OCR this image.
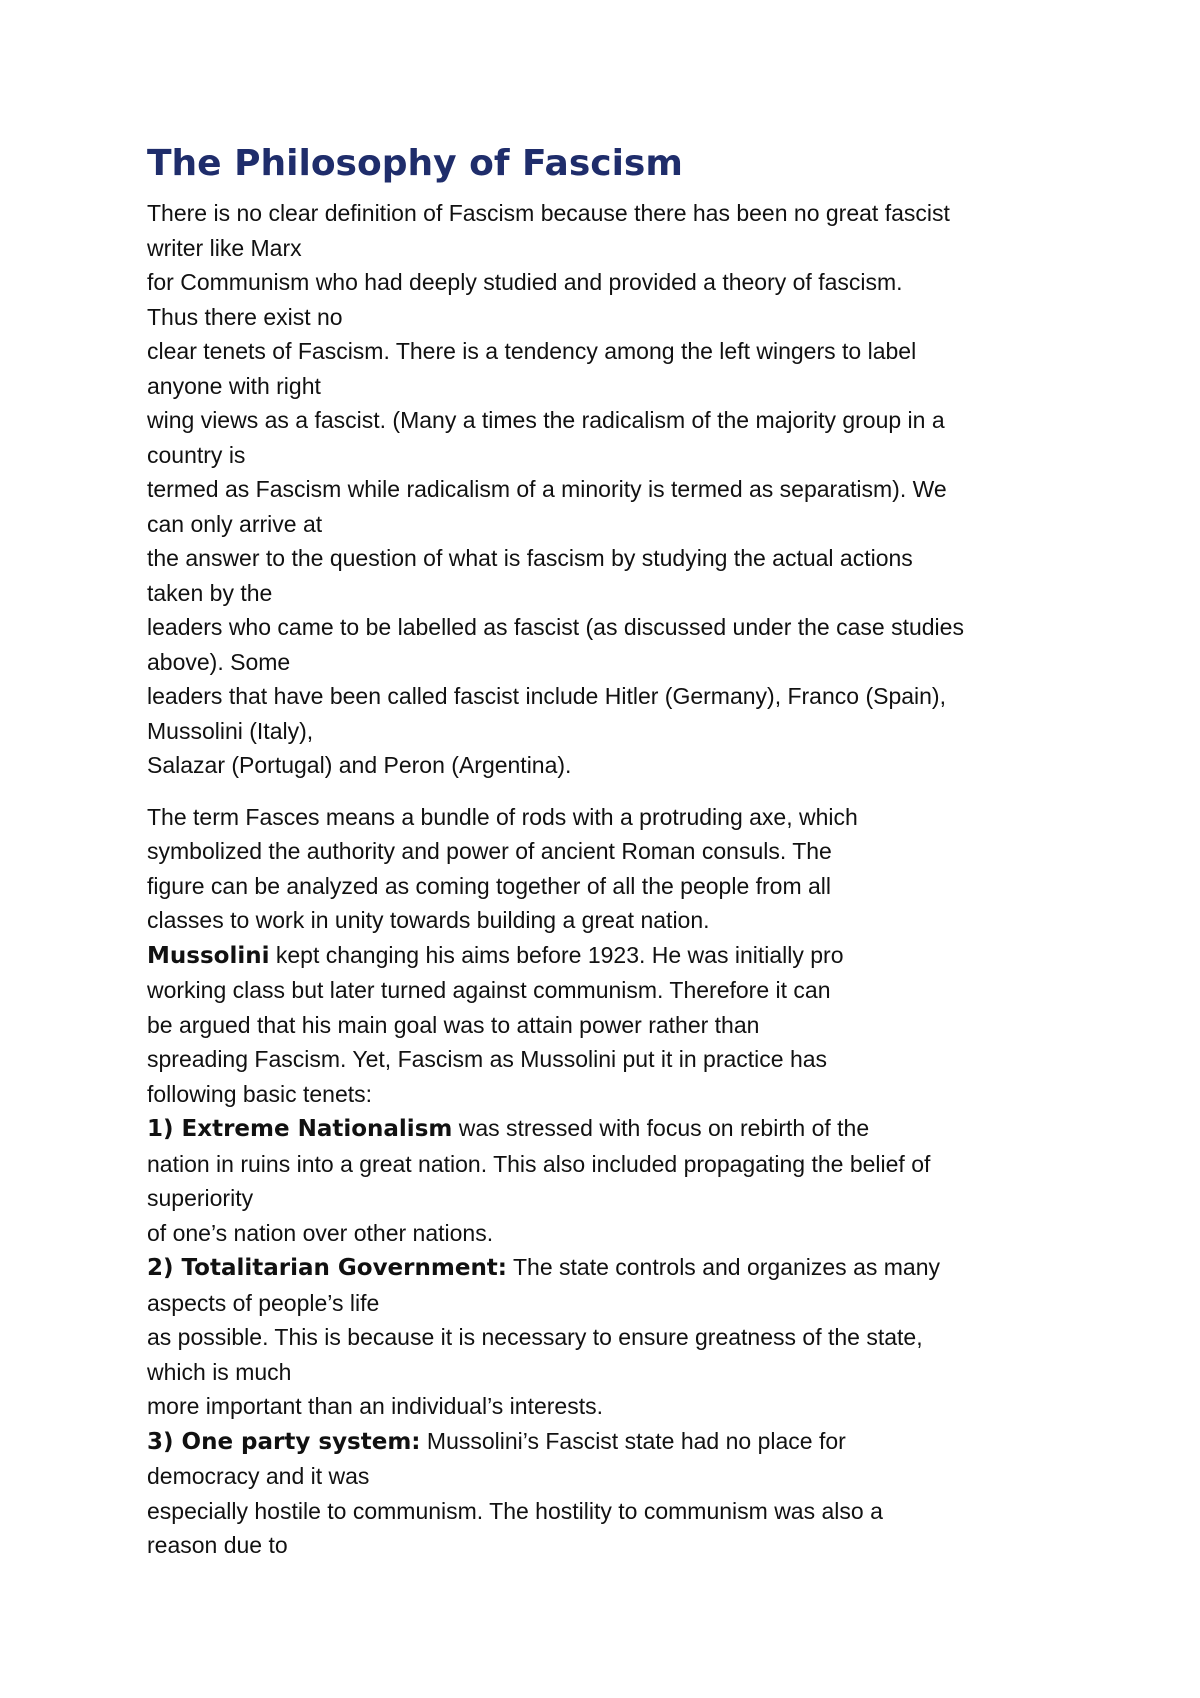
The Philosophy of Fascism
There is no clear definition of Fascism because there has been no great fascist
writer like Marx
for Communism who had deeply studied and provided a theory of fascism.
Thus there exist no
clear tenets of Fascism. There is a tendency among the left wingers to label
anyone with right
wing views as a fascist. (Many a times the radicalism of the majority group in a
country is
termed as Fascism while radicalism of a minority is termed as separatism). We
can only arrive at
the answer to the question of what is fascism by studying the actual actions
taken by the
leaders who came to be labelled as fascist (as discussed under the case studies
above). Some
leaders that have been called fascist include Hitler (Germany), Franco (Spain),
Mussolini (Italy),
Salazar (Portugal) and Peron (Argentina).
The term Fasces means a bundle of rods with a protruding axe, which
symbolized the authority and power of ancient Roman consuls. The
figure can be analyzed as coming together of all the people from all
classes to work in unity towards building a great nation.
Mussolini kept changing his aims before 1923. He was initially pro
working class but later turned against communism. Therefore it can
be argued that his main goal was to attain power rather than
spreading Fascism. Yet, Fascism as Mussolini put it in practice has
following basic tenets:
1) Extreme Nationalism was stressed with focus on rebirth of the
nation in ruins into a great nation. This also included propagating the belief of
superiority
of one’s nation over other nations.
2) Totalitarian Government: The state controls and organizes as many
aspects of people’s life
as possible. This is because it is necessary to ensure greatness of the state,
which is much
more important than an individual’s interests.
3) One party system: Mussolini’s Fascist state had no place for
democracy and it was
especially hostile to communism. The hostility to communism was also a
reason due to
